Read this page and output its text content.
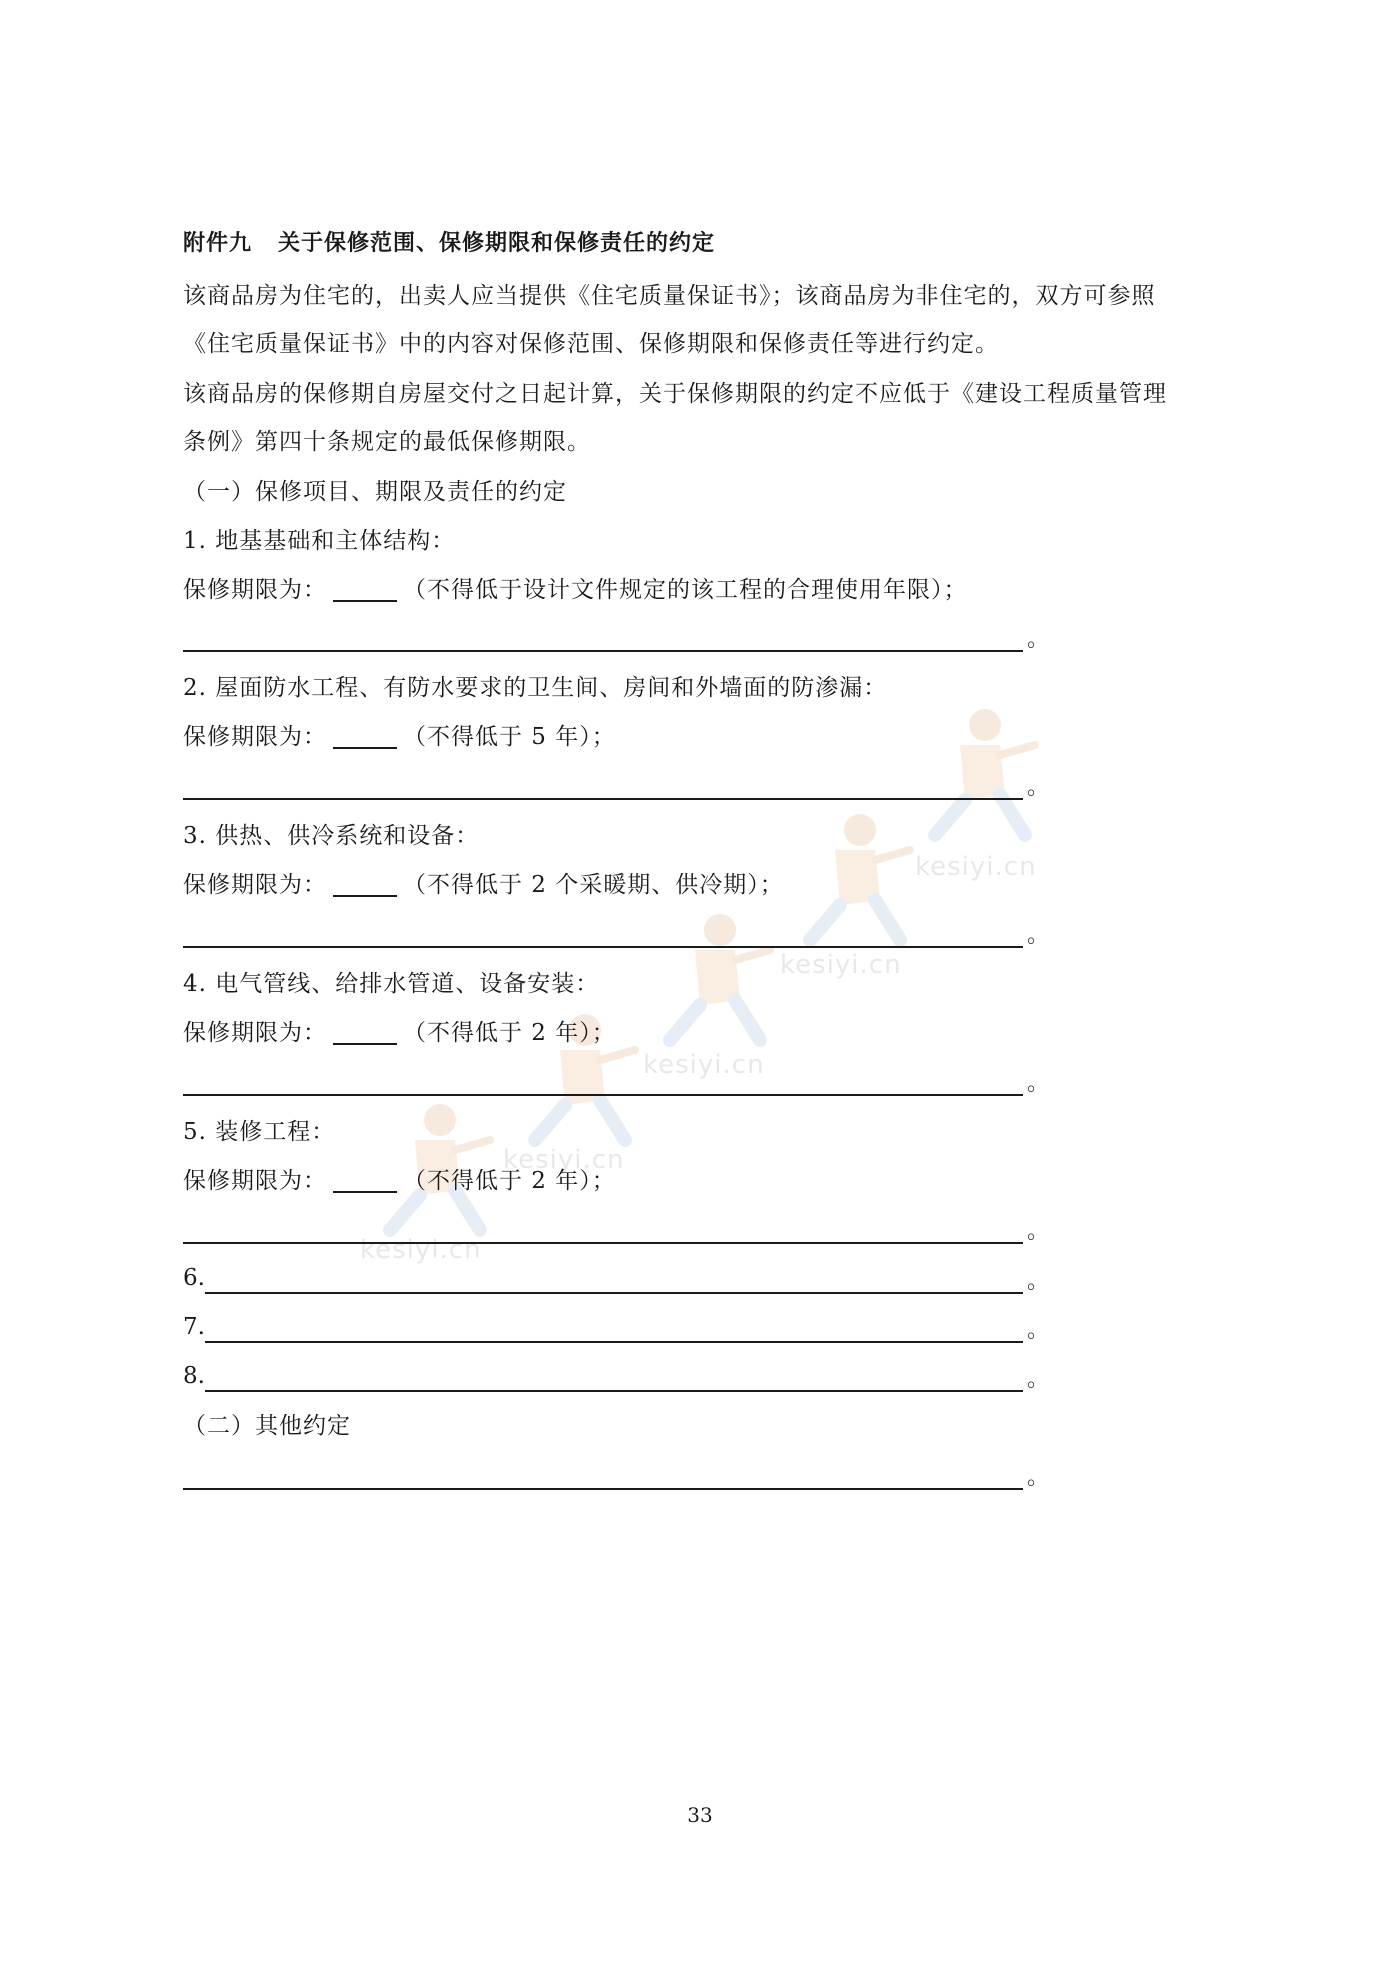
kesiyi.cn
kesiyi.cn
kesiyi.cn
kesiyi.cn
kesiyi.cn
附件九 关于保修范围、保修期限和保修责任的约定
该商品房为住宅的，出卖人应当提供《住宅质量保证书》；该商品房为非住宅的，双方可参照
《住宅质量保证书》中的内容对保修范围、保修期限和保修责任等进行约定。
该商品房的保修期自房屋交付之日起计算，关于保修期限的约定不应低于《建设工程质量管理
条例》第四十条规定的最低保修期限。
（一）保修项目、期限及责任的约定
1. 地基基础和主体结构：
保修期限为：	（不得低于设计文件规定的该工程的合理使用年限）；
。
2. 屋面防水工程、有防水要求的卫生间、房间和外墙面的防渗漏：
保修期限为：	（不得低于 5 年）；
。
3. 供热、供冷系统和设备：
保修期限为：	（不得低于 2 个采暖期、供冷期）；
。
4. 电气管线、给排水管道、设备安装：
保修期限为：	（不得低于 2 年）；
。
5. 装修工程：
保修期限为：	（不得低于 2 年）；
。
6.	。
7.	。
8.	。
（二）其他约定
。
33
